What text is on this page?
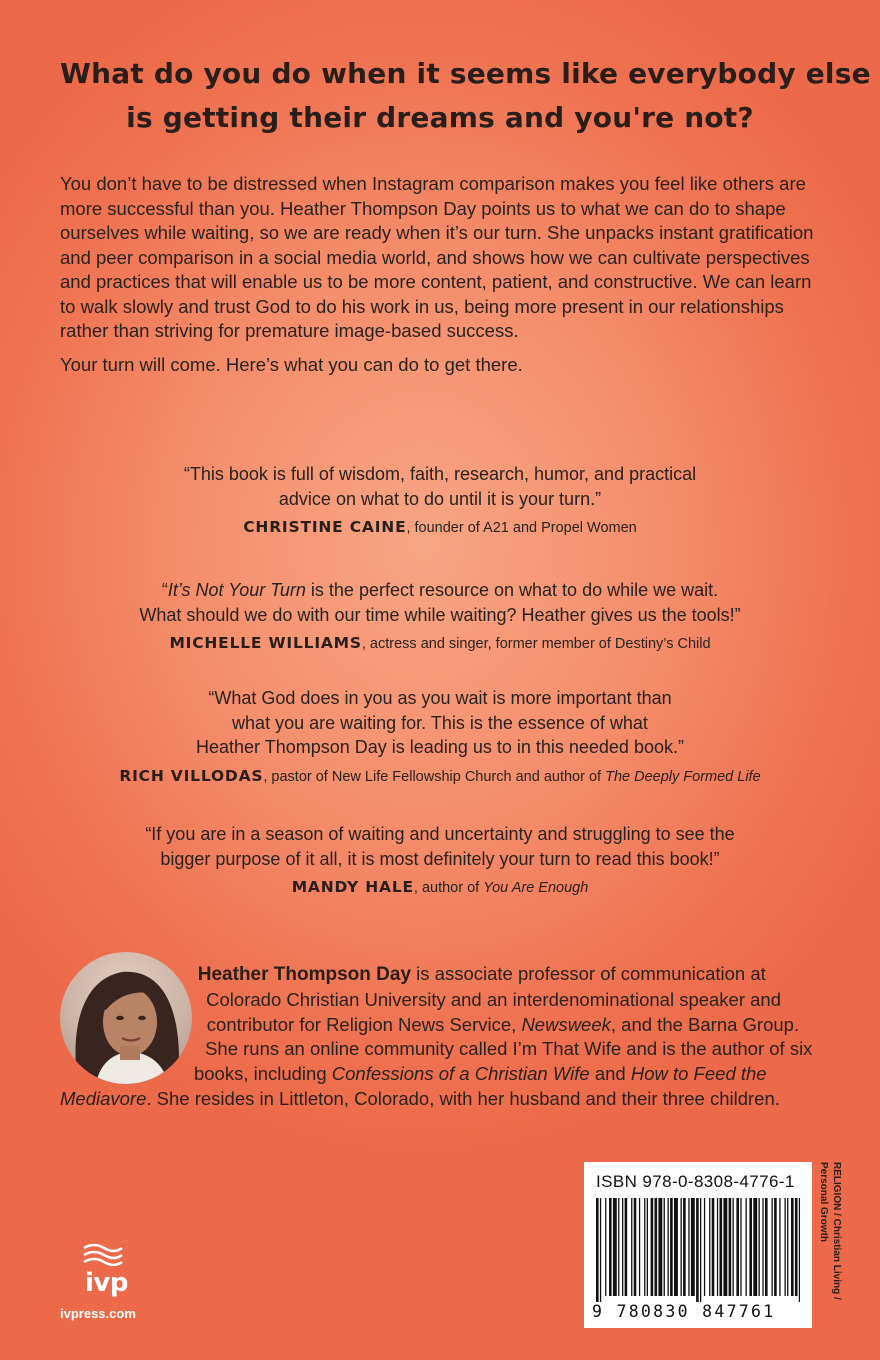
What do you do when it seems like everybody else
is getting their dreams and you're not?

You don’t have to be distressed when Instagram comparison makes you feel like others are more successful than you. Heather Thompson Day points us to what we can do to shape ourselves while waiting, so we are ready when it’s our turn. She unpacks instant gratification and peer comparison in a social media world, and shows how we can cultivate perspectives and practices that will enable us to be more content, patient, and constructive. We can learn to walk slowly and trust God to do his work in us, being more present in our relationships rather than striving for premature image-based success.

Your turn will come. Here’s what you can do to get there.

“This book is full of wisdom, faith, research, humor, and practical
advice on what to do until it is your turn.”
CHRISTINE CAINE, founder of A21 and Propel Women
“It’s Not Your Turn is the perfect resource on what to do while we wait.
What should we do with our time while waiting? Heather gives us the tools!”
MICHELLE WILLIAMS, actress and singer, former member of Destiny’s Child
“What God does in you as you wait is more important than
what you are waiting for. This is the essence of what
Heather Thompson Day is leading us to in this needed book.”
RICH VILLODAS, pastor of New Life Fellowship Church and author of The Deeply Formed Life
“If you are in a season of waiting and uncertainty and struggling to see the
bigger purpose of it all, it is most definitely your turn to read this book!”
MANDY HALE, author of You Are Enough
Heather Thompson Day is associate professor of communication at Colorado Christian University and an interdenominational speaker and contributor for Religion News Service, Newsweek, and the Barna Group. She runs an online community called I’m That Wife and is the author of six books, including Confessions of a Christian Wife and How to Feed the Mediavore. She resides in Littleton, Colorado, with her husband and their three children.
ISBN 978-0-8308-4776-1
9 780830 847761
RELIGION / Christian Living /
Personal Growth
ivp
ivpress.com
